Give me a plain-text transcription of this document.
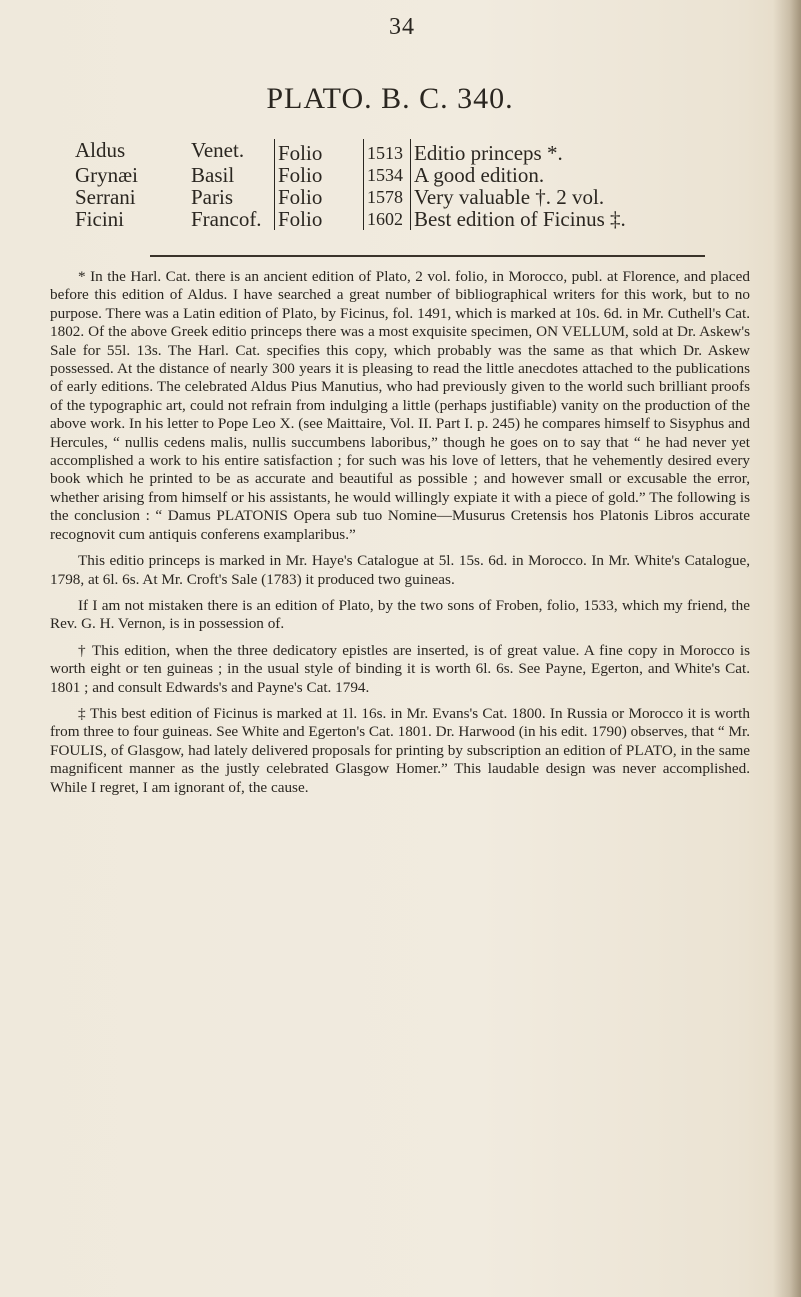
34
PLATO. B. C. 340.
Aldus	Venet.	Folio	1513	Editio princeps *.
Grynæi	Basil	Folio	1534	A good edition.
Serrani	Paris	Folio	1578	Very valuable †. 2 vol.
Ficini	Francof.	Folio	1602	Best edition of Ficinus ‡.

* In the Harl. Cat. there is an ancient edition of Plato, 2 vol. folio, in Morocco, publ. at Florence, and placed before this edition of Aldus. I have searched a great number of bibliographical writers for this work, but to no purpose. There was a Latin edition of Plato, by Ficinus, fol. 1491, which is marked at 10s. 6d. in Mr. Cuthell's Cat. 1802. Of the above Greek editio princeps there was a most exquisite specimen, ON VELLUM, sold at Dr. Askew's Sale for 55l. 13s. The Harl. Cat. specifies this copy, which probably was the same as that which Dr. Askew possessed. At the distance of nearly 300 years it is pleasing to read the little anecdotes attached to the publications of early editions. The celebrated Aldus Pius Manutius, who had previously given to the world such brilliant proofs of the typographic art, could not refrain from indulging a little (perhaps justifiable) vanity on the production of the above work. In his letter to Pope Leo X. (see Maittaire, Vol. II. Part I. p. 245) he compares himself to Sisyphus and Hercules, “ nullis cedens malis, nullis succumbens laboribus,” though he goes on to say that “ he had never yet accomplished a work to his entire satisfaction ; for such was his love of letters, that he vehemently desired every book which he printed to be as accurate and beautiful as possible ; and however small or excusable the error, whether arising from himself or his assistants, he would willingly expiate it with a piece of gold.” The following is the conclusion : “ Damus PLATONIS Opera sub tuo Nomine—Musurus Cretensis hos Platonis Libros accurate recognovit cum antiquis conferens examplaribus.”

This editio princeps is marked in Mr. Haye's Catalogue at 5l. 15s. 6d. in Morocco. In Mr. White's Catalogue, 1798, at 6l. 6s. At Mr. Croft's Sale (1783) it produced two guineas.

If I am not mistaken there is an edition of Plato, by the two sons of Froben, folio, 1533, which my friend, the Rev. G. H. Vernon, is in possession of.

† This edition, when the three dedicatory epistles are inserted, is of great value. A fine copy in Morocco is worth eight or ten guineas ; in the usual style of binding it is worth 6l. 6s. See Payne, Egerton, and White's Cat. 1801 ; and consult Edwards's and Payne's Cat. 1794.

‡ This best edition of Ficinus is marked at 1l. 16s. in Mr. Evans's Cat. 1800. In Russia or Morocco it is worth from three to four guineas. See White and Egerton's Cat. 1801. Dr. Harwood (in his edit. 1790) observes, that “ Mr. FOULIS, of Glasgow, had lately delivered proposals for printing by subscription an edition of PLATO, in the same magnificent manner as the justly celebrated Glasgow Homer.” This laudable design was never accomplished. While I regret, I am ignorant of, the cause.
